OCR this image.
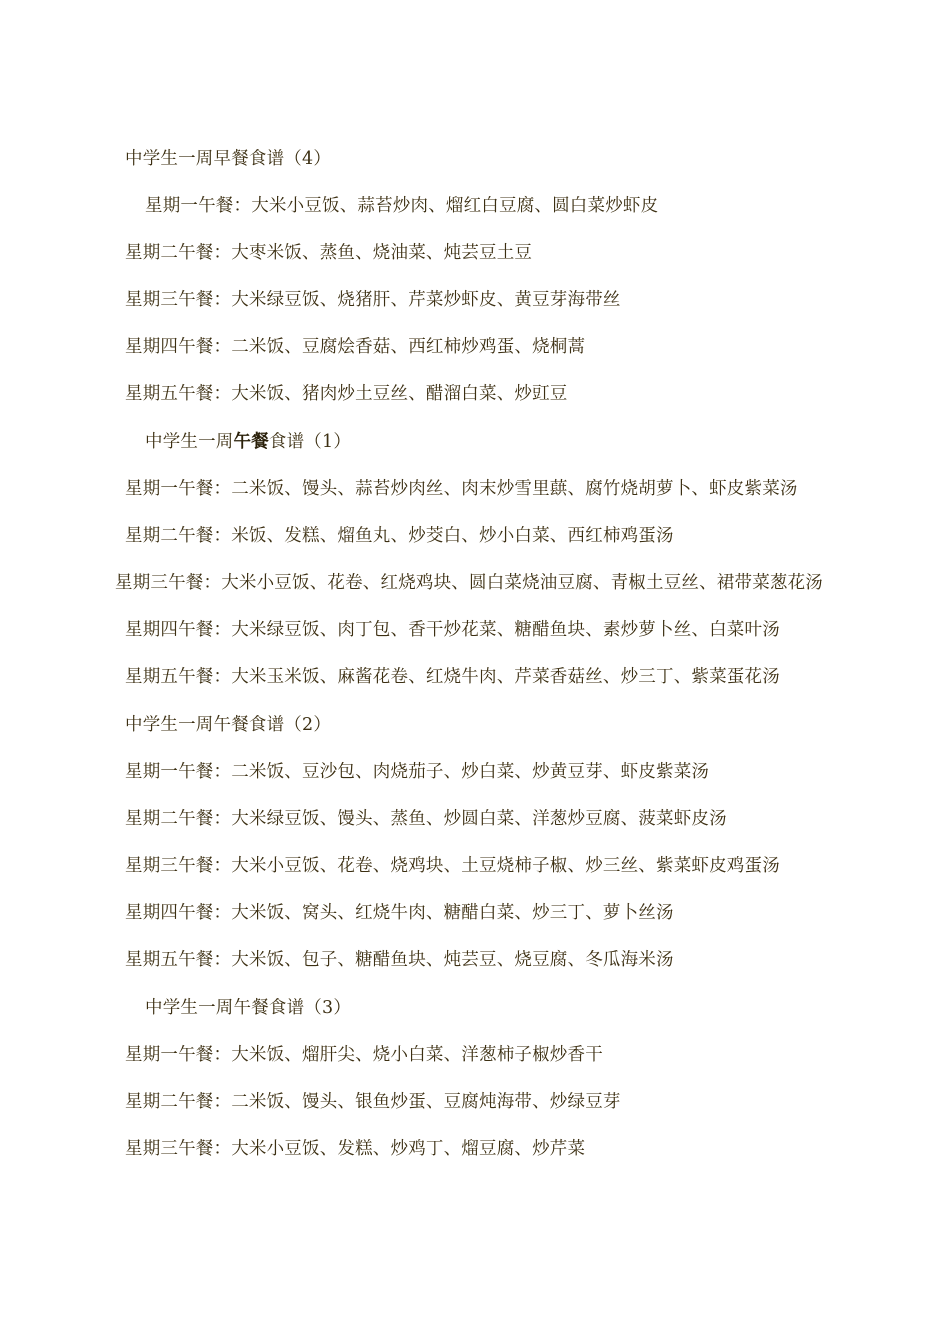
中学生一周早餐食谱（4）
星期一午餐：大米小豆饭、蒜苔炒肉、熘红白豆腐、圆白菜炒虾皮
星期二午餐：大枣米饭、蒸鱼、烧油菜、炖芸豆土豆
星期三午餐：大米绿豆饭、烧猪肝、芹菜炒虾皮、黄豆芽海带丝
星期四午餐：二米饭、豆腐烩香菇、西红柿炒鸡蛋、烧桐蒿
星期五午餐：大米饭、猪肉炒土豆丝、醋溜白菜、炒豇豆
中学生一周午餐食谱（1）
星期一午餐：二米饭、馒头、蒜苔炒肉丝、肉末炒雪里蕻、腐竹烧胡萝卜、虾皮紫菜汤
星期二午餐：米饭、发糕、熘鱼丸、炒茭白、炒小白菜、西红柿鸡蛋汤
星期三午餐：大米小豆饭、花卷、红烧鸡块、圆白菜烧油豆腐、青椒土豆丝、裙带菜葱花汤
星期四午餐：大米绿豆饭、肉丁包、香干炒花菜、糖醋鱼块、素炒萝卜丝、白菜叶汤
星期五午餐：大米玉米饭、麻酱花卷、红烧牛肉、芹菜香菇丝、炒三丁、紫菜蛋花汤
中学生一周午餐食谱（2）
星期一午餐：二米饭、豆沙包、肉烧茄子、炒白菜、炒黄豆芽、虾皮紫菜汤
星期二午餐：大米绿豆饭、馒头、蒸鱼、炒圆白菜、洋葱炒豆腐、菠菜虾皮汤
星期三午餐：大米小豆饭、花卷、烧鸡块、土豆烧柿子椒、炒三丝、紫菜虾皮鸡蛋汤
星期四午餐：大米饭、窝头、红烧牛肉、糖醋白菜、炒三丁、萝卜丝汤
星期五午餐：大米饭、包子、糖醋鱼块、炖芸豆、烧豆腐、冬瓜海米汤
中学生一周午餐食谱（3）
星期一午餐：大米饭、熘肝尖、烧小白菜、洋葱柿子椒炒香干
星期二午餐：二米饭、馒头、银鱼炒蛋、豆腐炖海带、炒绿豆芽
星期三午餐：大米小豆饭、发糕、炒鸡丁、熘豆腐、炒芹菜
